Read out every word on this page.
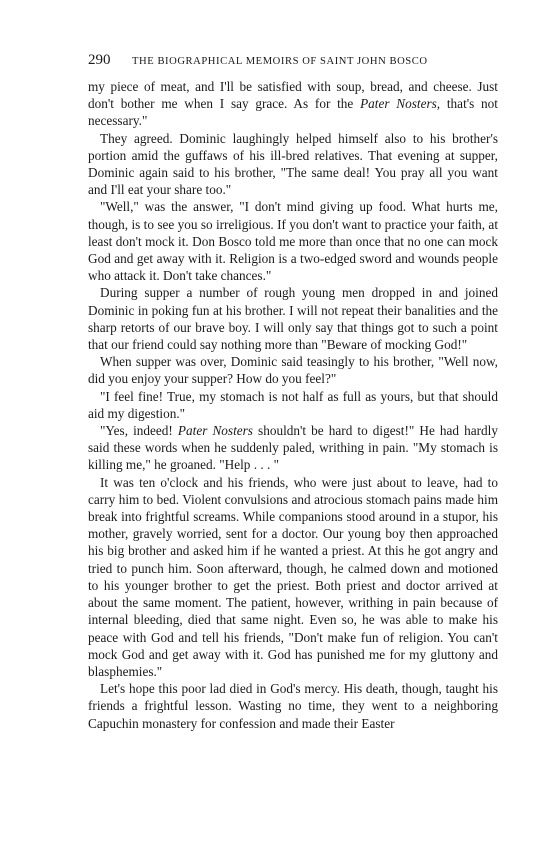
290	THE BIOGRAPHICAL MEMOIRS OF SAINT JOHN BOSCO

my piece of meat, and I'll be satisfied with soup, bread, and cheese. Just don't bother me when I say grace. As for the Pater Nosters, that's not necessary."

They agreed. Dominic laughingly helped himself also to his brother's portion amid the guffaws of his ill-bred relatives. That evening at supper, Dominic again said to his brother, "The same deal! You pray all you want and I'll eat your share too."

"Well," was the answer, "I don't mind giving up food. What hurts me, though, is to see you so irreligious. If you don't want to practice your faith, at least don't mock it. Don Bosco told me more than once that no one can mock God and get away with it. Religion is a two-edged sword and wounds people who attack it. Don't take chances."

During supper a number of rough young men dropped in and joined Dominic in poking fun at his brother. I will not repeat their banalities and the sharp retorts of our brave boy. I will only say that things got to such a point that our friend could say nothing more than "Beware of mocking God!"

When supper was over, Dominic said teasingly to his brother, "Well now, did you enjoy your supper? How do you feel?"

"I feel fine! True, my stomach is not half as full as yours, but that should aid my digestion."

"Yes, indeed! Pater Nosters shouldn't be hard to digest!" He had hardly said these words when he suddenly paled, writhing in pain. "My stomach is killing me," he groaned. "Help . . . "

It was ten o'clock and his friends, who were just about to leave, had to carry him to bed. Violent convulsions and atrocious stomach pains made him break into frightful screams. While companions stood around in a stupor, his mother, gravely worried, sent for a doctor. Our young boy then approached his big brother and asked him if he wanted a priest. At this he got angry and tried to punch him. Soon afterward, though, he calmed down and motioned to his younger brother to get the priest. Both priest and doctor arrived at about the same moment. The patient, however, writhing in pain because of internal bleeding, died that same night. Even so, he was able to make his peace with God and tell his friends, "Don't make fun of religion. You can't mock God and get away with it. God has punished me for my gluttony and blasphemies."

Let's hope this poor lad died in God's mercy. His death, though, taught his friends a frightful lesson. Wasting no time, they went to a neighboring Capuchin monastery for confession and made their Easter
